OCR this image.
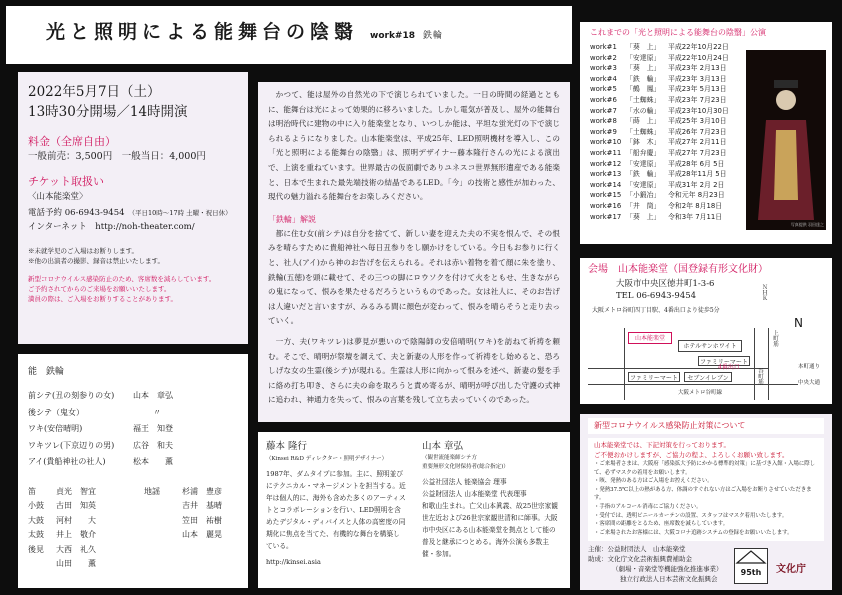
光と照明による能舞台の陰翳 work#18 鉄輪
2022年5月7日（土）
13時30分開場／14時開演
料金（全席自由）
一般前売：3,500円　一般当日：4,000円
チケット取扱い
〈山本能楽堂〉
電話予約 06-6943-9454 （平日10時〜17時 土曜・祝日休）
インターネット　http://noh-theater.com/
※未就学児のご入場はお断りします。
※他の出演者の撮影、録音は禁止いたします。
新型コロナウイルス感染防止のため、客席数を減らしています。
ご予約されてからのご来場をお願いいたします。
満員の際は、ご入場をお断りすることがあります。
能　鉄輪
前シテ(丑の刻参りの女)	山本　章弘
後シテ（鬼女）	〃
ワキ(安倍晴明)	福王　知登
ワキツレ(下京辺りの男)	広谷　和夫
アイ(貴船神社の社人)	松本　　薫
笛	貞光　智宜	地謡	杉浦　豊彦
小鼓	古田　知英	吉井　基晴
大鼓	河村　　大	笠田　祐樹
太鼓	井上　敬介	山本　麗晃
後見	大西　礼久
山田　　薫

かつて、能は屋外の自然光の下で演じられていました。一日の時間の経過とともに、能舞台は光によって効果的に移ろいました。しかし電気が普及し、屋外の能舞台は明治時代に建物の中に入り能楽堂となり、いつしか能は、平坦な蛍光灯の下で演じられるようになりました。山本能楽堂は、平成25年、LED照明機材を導入し、この「光と照明による能舞台の陰翳」は、照明デザイナー藤本隆行さんの光による演出で、上演を重ねています。世界最古の仮面劇でありユネスコ世界無形遺産である能楽と、日本で生まれた最先端技術の結晶であるLED。「今」の技術と感性が加わった、現代の魅力溢れる能舞台をお楽しみください。

「鉄輪」解説

都に住む女(前シテ)は自分を捨てて、新しい妻を迎えた夫の不実を恨んで、その恨みを晴らすために貴船神社へ毎日丑参りをし願かけをしている。今日もお参りに行くと、社人(アイ)から神のお告げを伝えられる。それは赤い着物を着て顔に朱を塗り、鉄輪(五徳)を頭に載せて、その三つの脚にロウソクを付けて火をともせ、生きながらの鬼になって、恨みを果たせるだろうというものであった。女は社人に、そのお告げは人違いだと言いますが、みるみる間に顔色が変わって、恨みを晴らそうと走り去っていく。

一方、夫(ワキツレ)は夢見が悪いので陰陽師の安倍晴明(ワキ)を訪ねて祈祷を頼む。そこで、晴明が祭壇を調えて、夫と新妻の人形を作って祈祷をし始めると、恐ろしげな女の生霊(後シテ)が現れる。生霊は人形に向かって恨みを述べ、新妻の髪を手に絡め打ち叩き、さらに夫の命を取ろうと責め寄るが、晴明が呼び出した守護の式神に追われ、神通力を失って、恨みの言葉を残して立ち去っていくのであった。

藤本 隆行
（Kinsei R&D ディレクター・照明デザイナー）

1987年、ダムタイプに参加。主に、照明並びにテクニカル・マネージメントを担当する。近年は個人的に、海外も含めた多くのアーティストとコラボレーションを行い、LED照明を含めたデジタル・ディバイスと人体の高密度の同期化に焦点を当てた、有機的な舞台を構築している。

http://kinsei.asia
山本 章弘
（観世流能楽師シテ方
重要無形文化財保持者(総合指定)）

公益社団法人 能楽協会 理事
公益財団法人 山本能楽堂 代表理事
和歌山生まれ。亡父山本眞義、故25世宗家観世左近および26世宗家観世清和に師事。大阪市中央区にある山本能楽堂を拠点として能の普及と継承につとめる。海外公演も多数主催・参加。

これまでの「光と照明による能舞台の陰翳」公演
work#1	「葵　上」	平成22年10月22日
work#2	「安達原」	平成22年10月24日
work#3	「葵　上」	平成23年 2月13日
work#4	「鉄　輪」	平成23年 3月13日
work#5	「鵺　鳳」	平成23年 5月13日
work#6	「土蜘蛛」	平成23年 7月23日
work#7	「水の輪」	平成23年10月30日
work#8	「蒔　上」	平成25年 3月10日
work#9	「土蜘蛛」	平成26年 7月23日
work#10 「鉢　木」	平成27年 2月11日
work#11 「船弁慶」	平成27年 7月23日
work#12 「安達原」	平成28年 6月 5日
work#13 「鉄　輪」	平成28年11月 5日
work#14 「安達原」	平成31年 2月 2日
work#15 「小鍛冶」	令和元年 8月23日
work#16 「井　筒」	令和2年 8月18日
work#17 「葵　上」	令和3年 7月11日
写真提供 羽田達之
会場　 山本能楽堂（国登録有形文化財）
大阪市中央区徳井町1-3-6
TEL 06-6943-9454
大阪メトロ谷町四丁目駅、4番出口より徒歩5分
山本能楽堂
ホテルサンホワイト
ファミリーマート
ファミリーマート	セブンイレブン
4番出口
大阪メトロ谷町線
中央大通
本町通り
谷町筋
上町筋
ＮＨＫ
N
新型コロナウイルス感染防止対策について
山本能楽堂では、下記対策を行っております。
ご不便おかけしますが、ご協力の程よ、よろしくお願い致します。
・ご来場者さまは、大阪府「感染拡大予防にかかる標準的対策」に基づき入館・入場に際して、必ずマスクの着用をお願いします。
・咳、発熱のある方はご入場をお控えください。
・発熱37.5℃以上の熱がある方、体調のすぐれない方はご入場をお断りさせていただきます。
・手指のアルコール消毒にご協力ください。
・受付では、透明ビニールカーテンの設置、スタッフはマスク着用いたします。
・客席間の距離をとるため、座席数を減らしています。
・ご来場されたお客様には、大阪コロナ追跡システムの登録をお願いいたします。
主催：公益財団法人　山本能楽堂
助成：文化庁文化芸術振興費補助金
（劇場・音楽堂等機能強化推進事業）
独立行政法人日本芸術文化振興会
95th	文化庁
